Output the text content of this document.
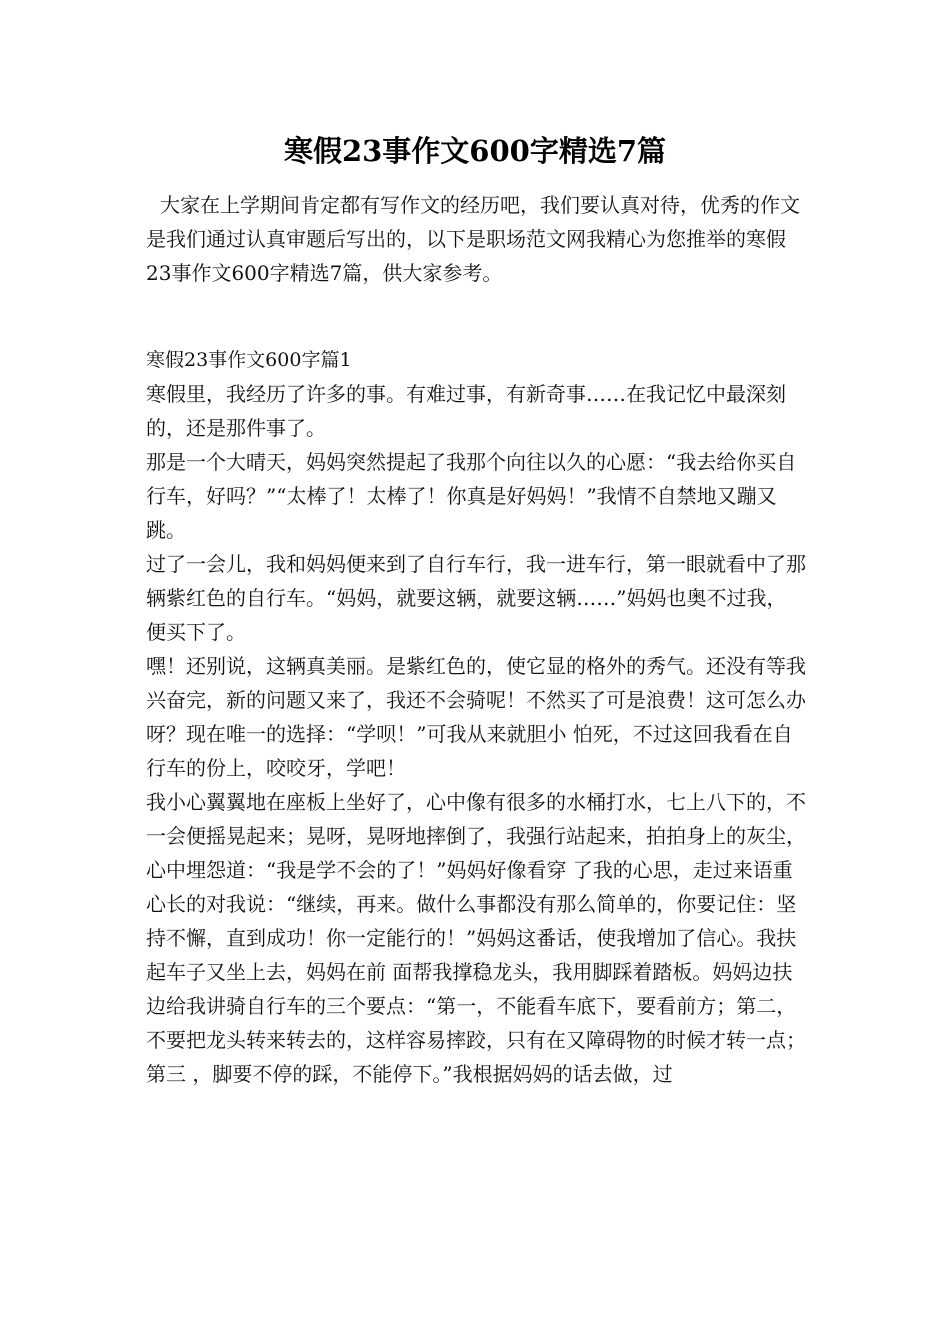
寒假23事作文600字精选7篇

大家在上学期间肯定都有写作文的经历吧，我们要认真对待，优秀的作文是我们通过认真审题后写出的，以下是职场范文网我精心为您推举的寒假23事作文600字精选7篇，供大家参考。

寒假23事作文600字篇1

寒假里，我经历了许多的事。有难过事，有新奇事……在我记忆中最深刻的，还是那件事了。

那是一个大晴天，妈妈突然提起了我那个向往以久的心愿：“我去给你买自行车，好吗？”“太棒了！太棒了！你真是好妈妈！”我情不自禁地又蹦又跳。

过了一会儿，我和妈妈便来到了自行车行，我一进车行，第一眼就看中了那辆紫红色的自行车。“妈妈，就要这辆，就要这辆……”妈妈也奥不过我，便买下了。

嘿！还别说，这辆真美丽。是紫红色的，使它显的格外的秀气。还没有等我兴奋完，新的问题又来了，我还不会骑呢！不然买了可是浪费！这可怎么办呀？现在唯一的选择：“学呗！”可我从来就胆小 怕死，不过这回我看在自行车的份上，咬咬牙，学吧！

我小心翼翼地在座板上坐好了，心中像有很多的水桶打水，七上八下的，不一会便摇晃起来；晃呀，晃呀地摔倒了，我强行站起来，拍拍身上的灰尘，心中埋怨道：“我是学不会的了！”妈妈好像看穿 了我的心思，走过来语重心长的对我说：“继续，再来。做什么事都没有那么简单的，你要记住：坚持不懈，直到成功！你一定能行的！”妈妈这番话，使我增加了信心。我扶起车子又坐上去，妈妈在前 面帮我撑稳龙头，我用脚踩着踏板。妈妈边扶边给我讲骑自行车的三个要点：“第一，不能看车底下，要看前方；第二，不要把龙头转来转去的，这样容易摔跤，只有在又障碍物的时候才转一点；第三 ，脚要不停的踩，不能停下。”我根据妈妈的话去做，过
